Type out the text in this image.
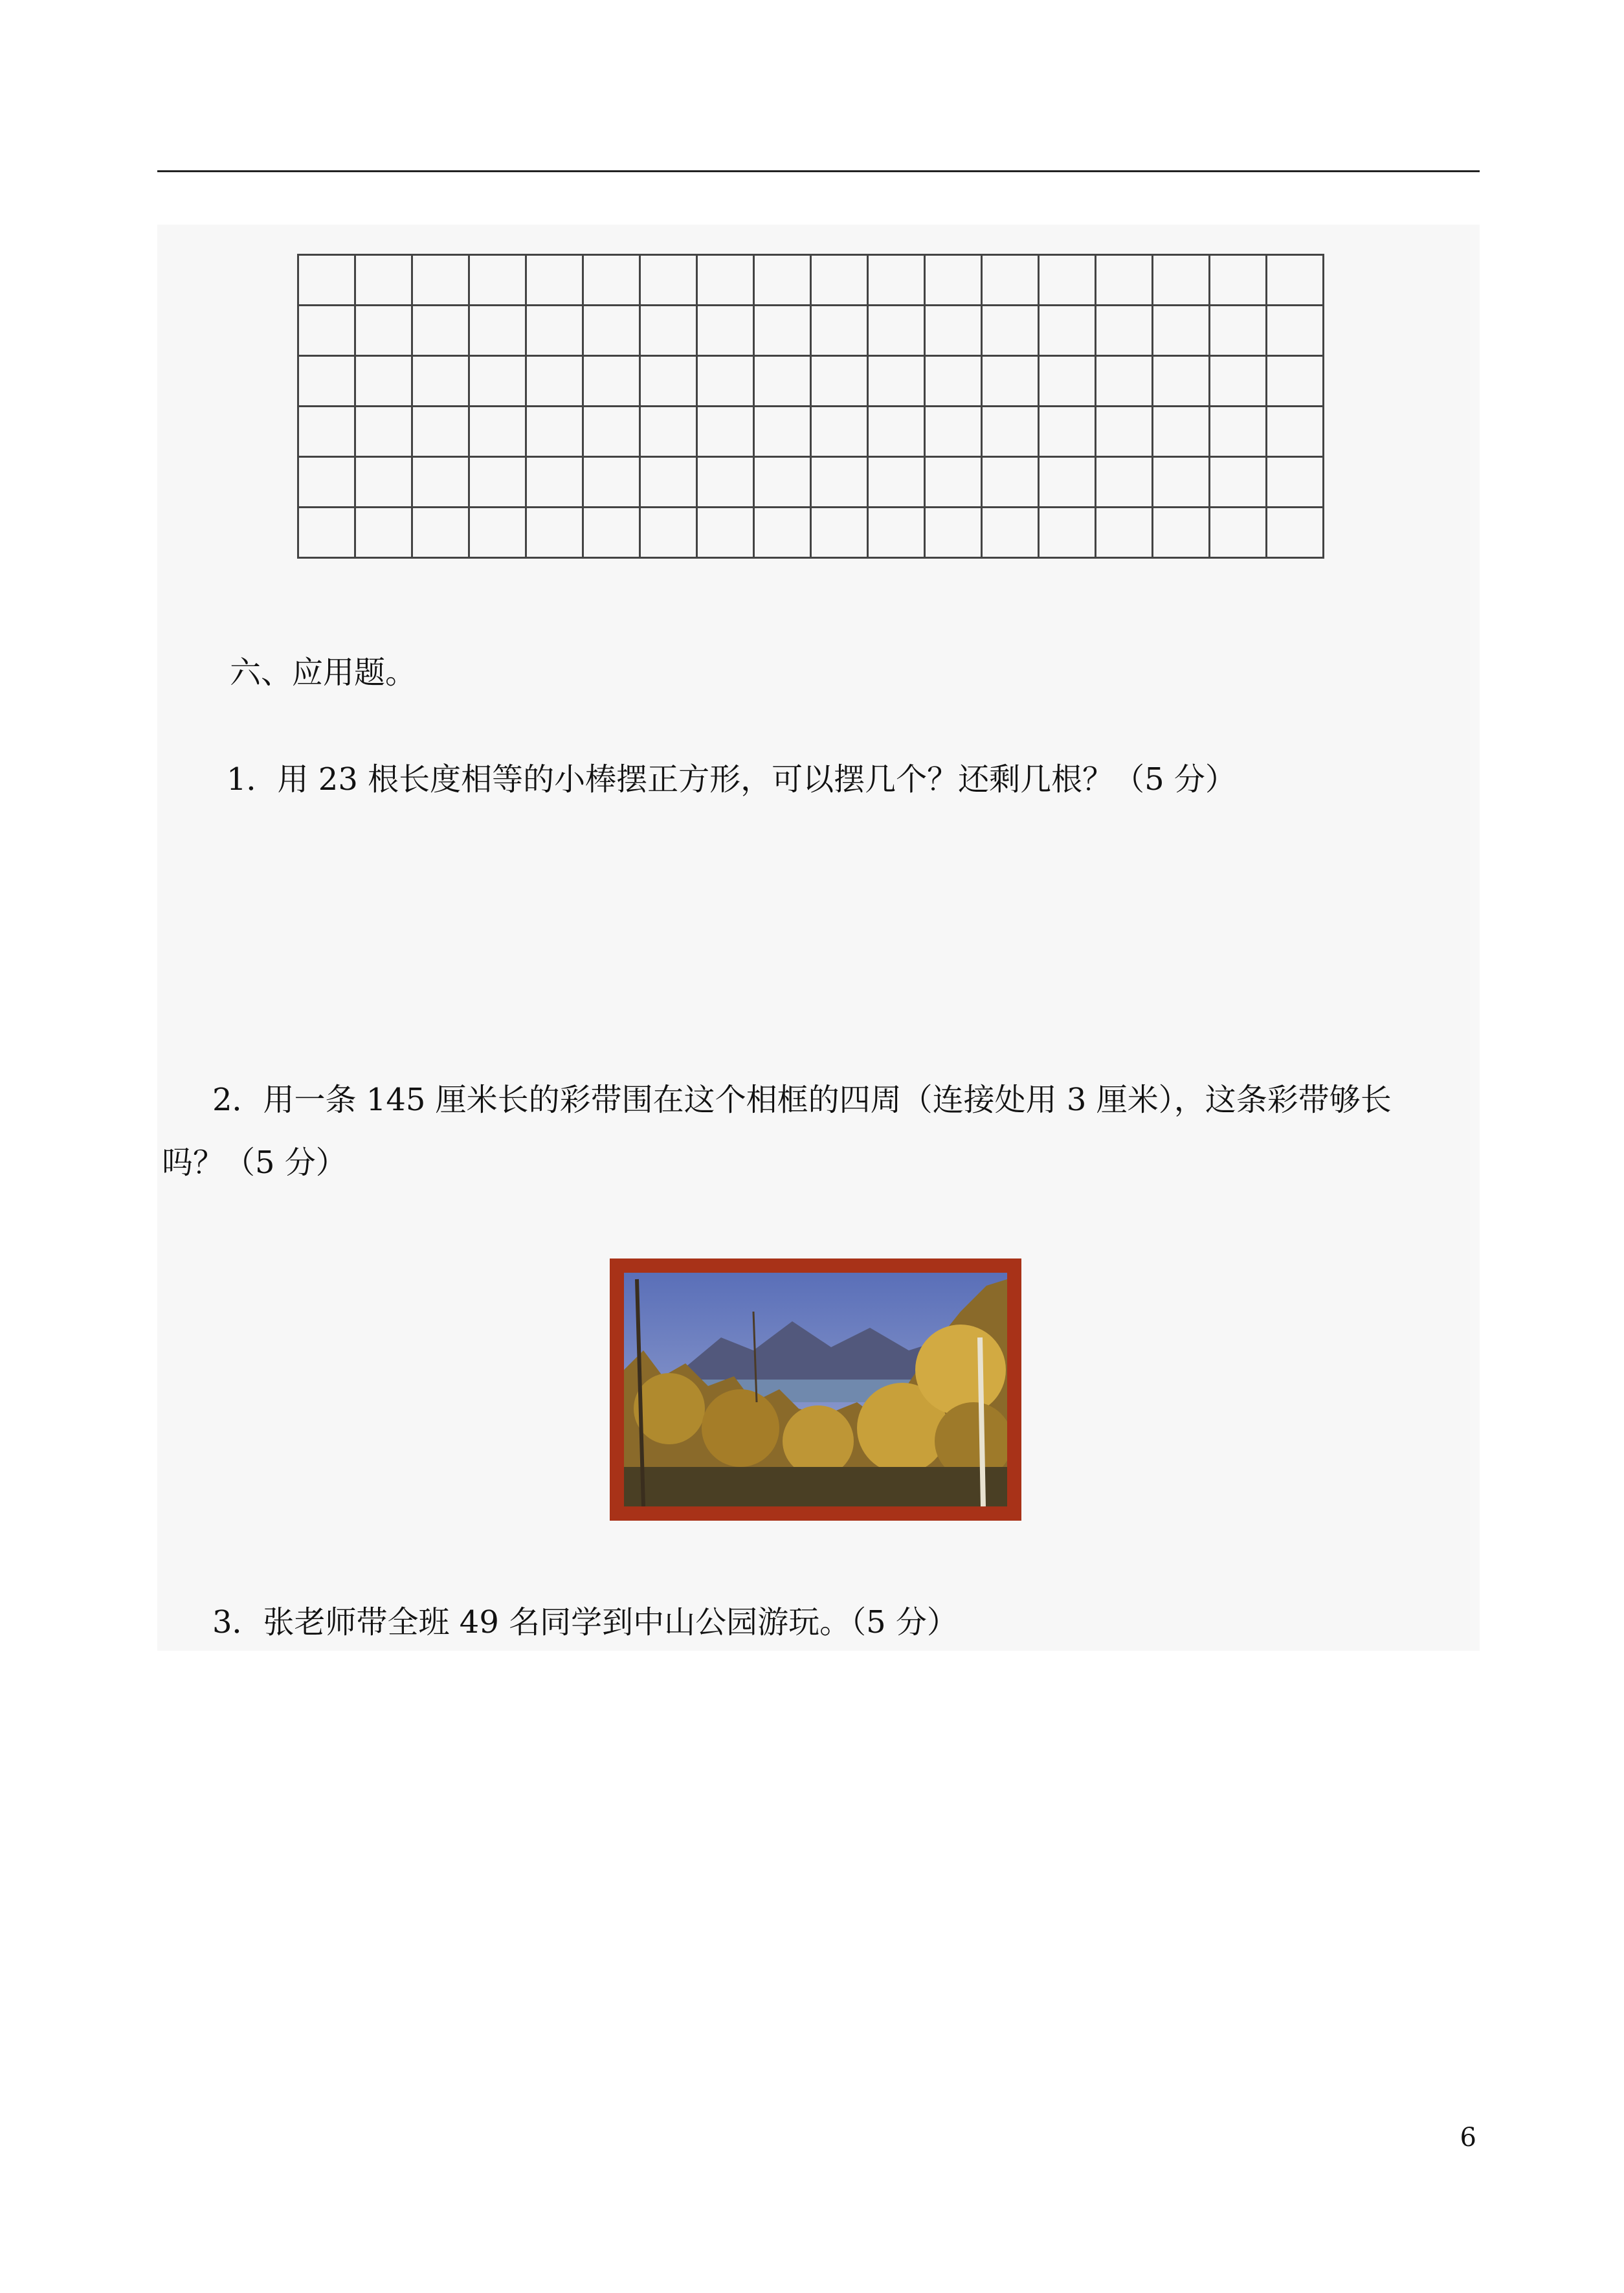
六、应用题。
1．用 23 根长度相等的小棒摆正方形，可以摆几个？还剩几根？（5 分）
2．用一条 145 厘米长的彩带围在这个相框的四周（连接处用 3 厘米），这条彩带够长
吗？（5 分）
3．张老师带全班 49 名同学到中山公园游玩。（5 分）
6
